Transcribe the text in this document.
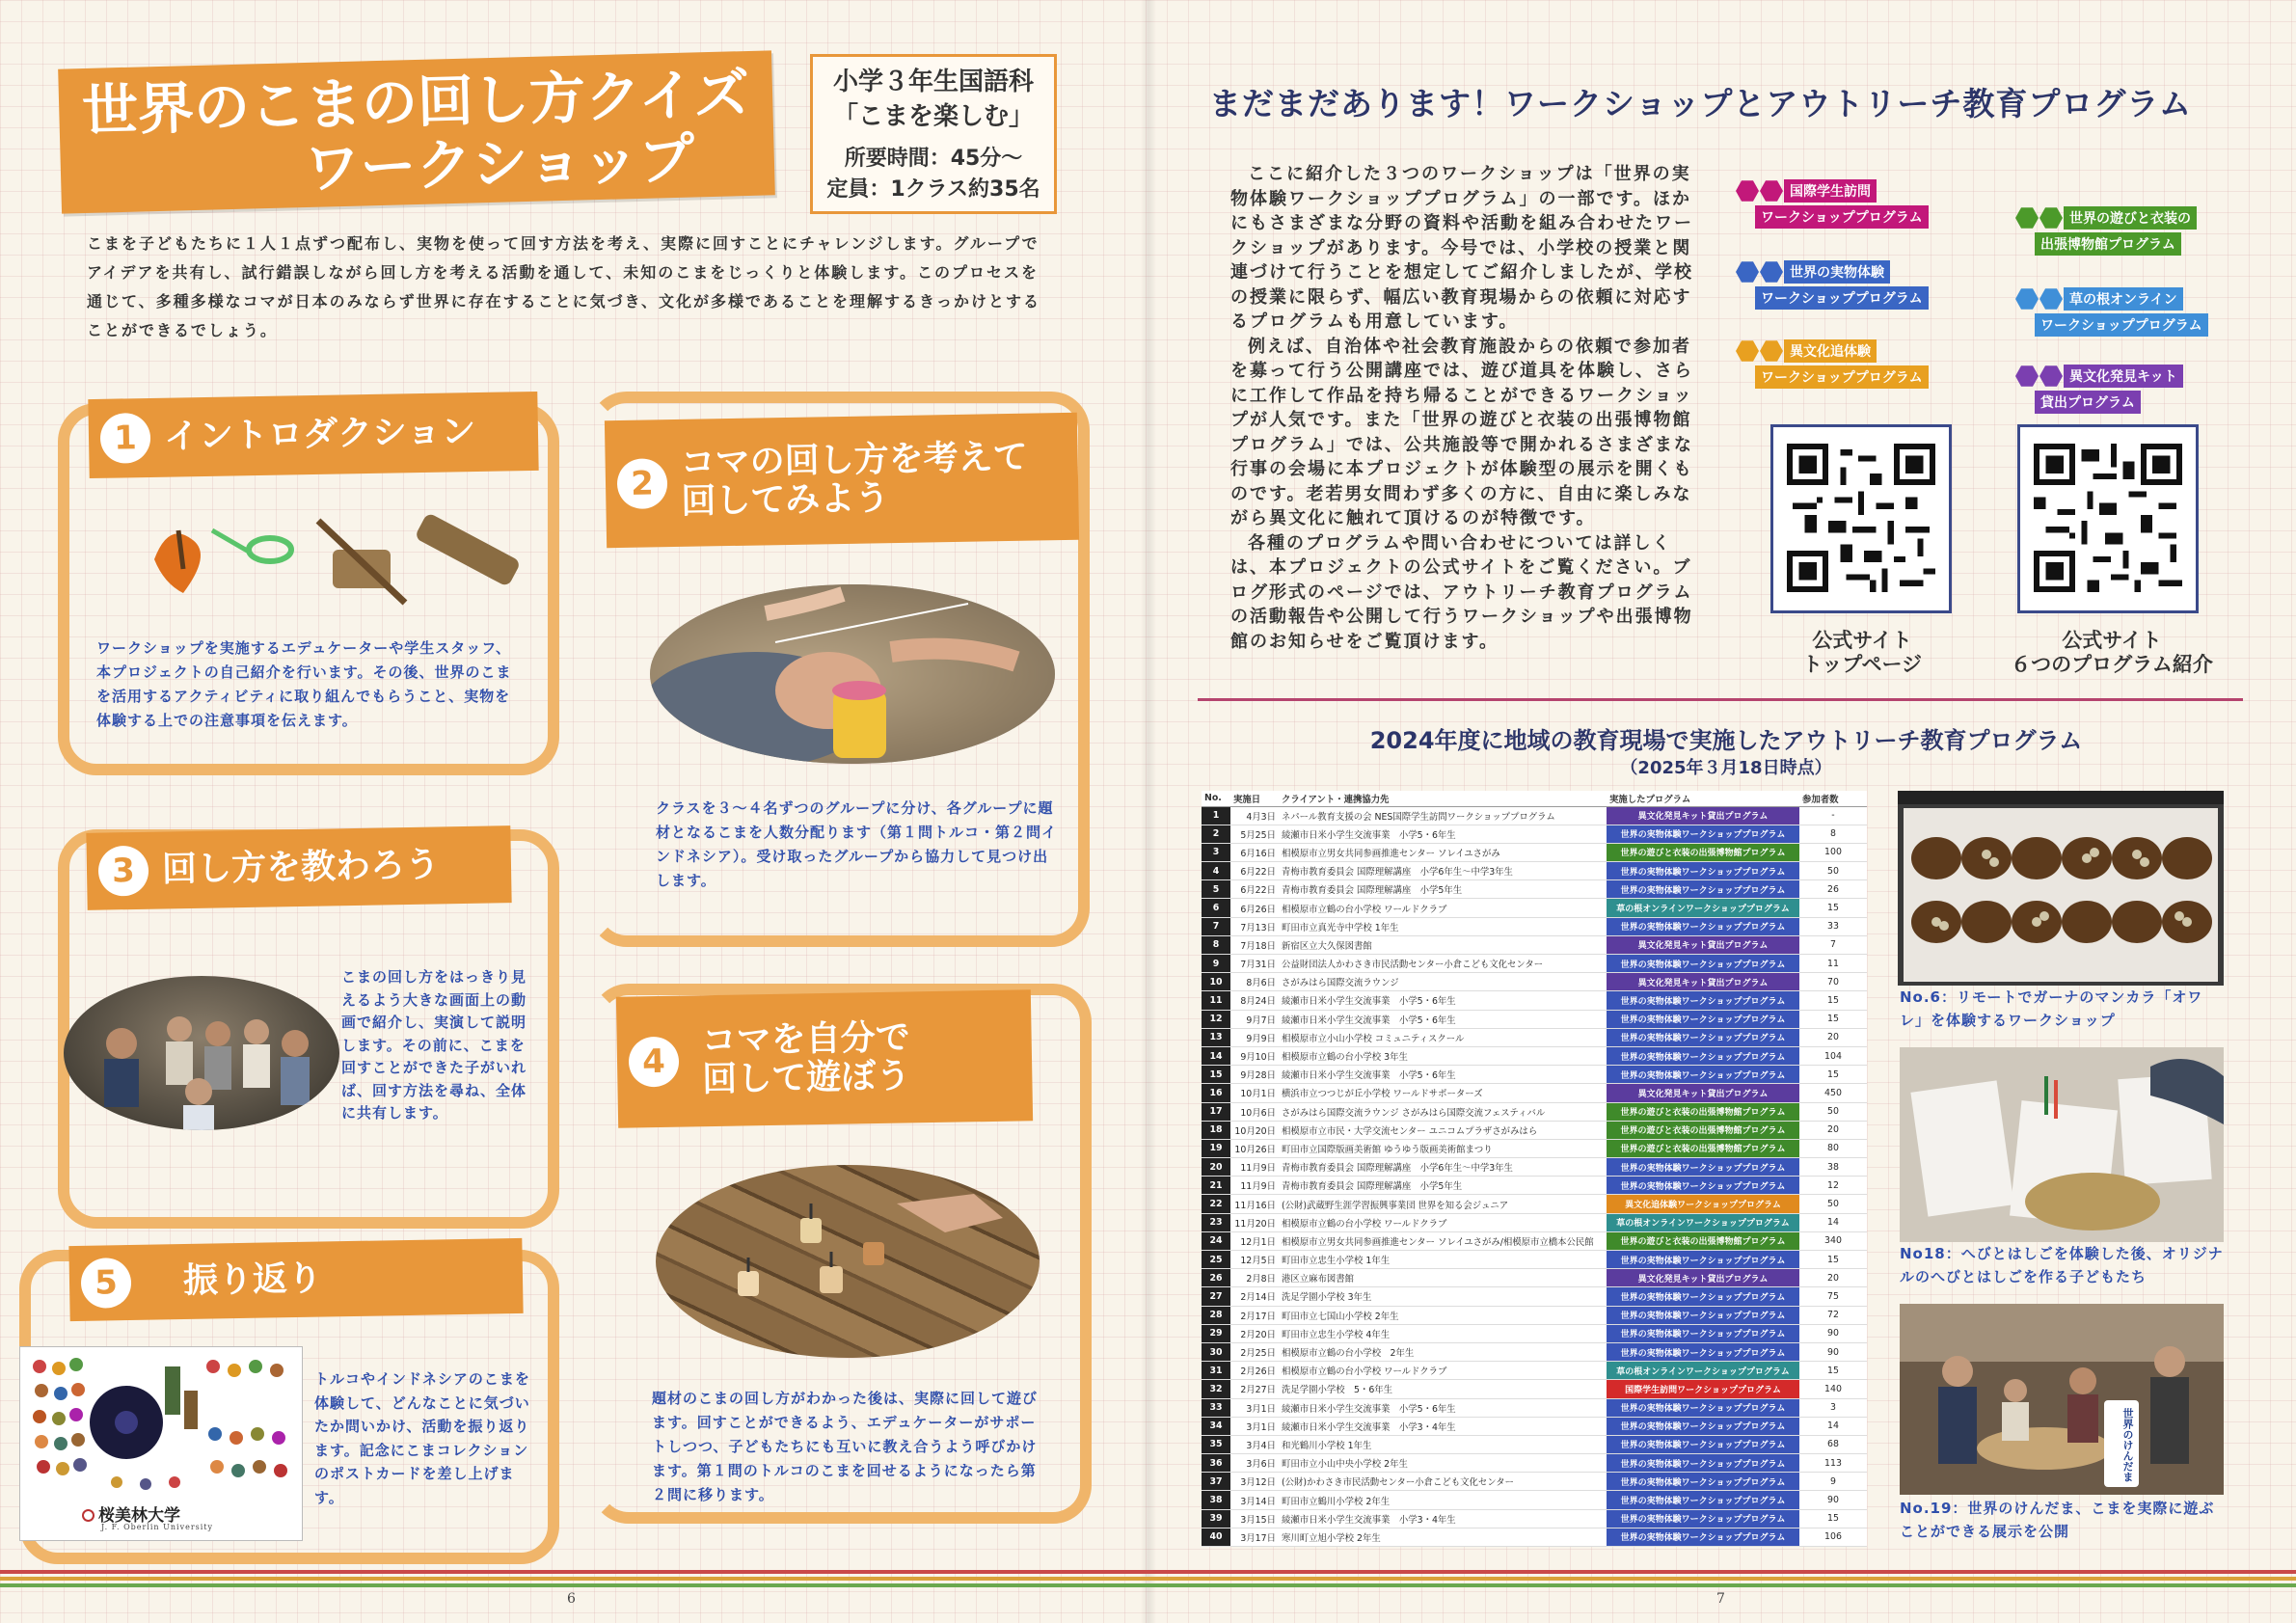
6	7
世界のこまの回し方クイズ
ワークショップ
小学３年生国語科
「こまを楽しむ」
所要時間：45分〜
定員：1クラス約35名
こまを子どもたちに１人１点ずつ配布し、実物を使って回す方法を考え、実際に回すことにチャレンジします。グループでアイデアを共有し、試行錯誤しながら回し方を考える活動を通して、未知のこまをじっくりと体験します。このプロセスを通じて、多種多様なコマが日本のみならず世界に存在することに気づき、文化が多様であることを理解するきっかけとすることができるでしょう。
1 イントロダクション
ワークショップを実施するエデュケーターや学生スタッフ、本プロジェクトの自己紹介を行います。その後、世界のこまを活用するアクティビティに取り組んでもらうこと、実物を体験する上での注意事項を伝えます。
2
コマの回し方を考えて
回してみよう
クラスを３～４名ずつのグループに分け、各グループに題材となるこまを人数分配ります（第１問トルコ・第２問インドネシア）。受け取ったグループから協力して見つけ出します。
3 回し方を教わろう
こまの回し方をはっきり見えるよう大きな画面上の動画で紹介し、実演して説明します。その前に、こまを回すことができた子がいれば、回す方法を尋ね、全体に共有します。
4
コマを自分で
回して遊ぼう
題材のこまの回し方がわかった後は、実際に回して遊びます。回すことができるよう、エデュケーターがサポートしつつ、子どもたちにも互いに教え合うよう呼びかけます。第１問のトルコのこまを回せるようになったら第２問に移ります。
5	振り返り
桜美林大学
J. F. Oberlin University
トルコやインドネシアのこまを体験して、どんなことに気づいたか問いかけ、活動を振り返ります。記念にこまコレクションのポストカードを差し上げます。
まだまだあります！ワークショップとアウトリーチ教育プログラム

ここに紹介した３つのワークショップは「世界の実物体験ワークショッププログラム」の一部です。ほかにもさまざまな分野の資料や活動を組み合わせたワークショップがあります。今号では、小学校の授業と関連づけて行うことを想定してご紹介しましたが、学校の授業に限らず、幅広い教育現場からの依頼に対応するプログラムも用意しています。

例えば、自治体や社会教育施設からの依頼で参加者を募って行う公開講座では、遊び道具を体験し、さらに工作して作品を持ち帰ることができるワークショップが人気です。また「世界の遊びと衣装の出張博物館プログラム」では、公共施設等で開かれるさまざまな行事の会場に本プロジェクトが体験型の展示を開くものです。老若男女問わず多くの方に、自由に楽しみながら異文化に触れて頂けるのが特徴です。

各種のプログラムや問い合わせについては詳しくは、本プロジェクトの公式サイトをご覧ください。ブログ形式のページでは、アウトリーチ教育プログラムの活動報告や公開して行うワークショップや出張博物館のお知らせをご覧頂けます。

国際学生訪問
ワークショッププログラム	世界の遊びと衣装の
出張博物館プログラム
世界の実物体験
ワークショッププログラム	草の根オンライン
ワークショッププログラム
異文化追体験
ワークショッププログラム	異文化発見キット
貸出プログラム
公式サイト
トップページ
公式サイト
６つのプログラム紹介
2024年度に地域の教育現場で実施したアウトリーチ教育プログラム
（2025年３月18日時点）
No.	実施日	クライアント・連携協力先	実施したプログラム	参加者数
1	4月3日	ネパール教育支援の会 NES国際学生訪問ワークショッププログラム	異文化発見キット貸出プログラム	-
2	5月25日	綾瀬市日米小学生交流事業　小学5・6年生	世界の実物体験ワークショッププログラム	8
3	6月16日	相模原市立男女共同参画推進センター ソレイユさがみ	世界の遊びと衣装の出張博物館プログラム	100
4	6月22日	青梅市教育委員会 国際理解講座　小学6年生〜中学3年生	世界の実物体験ワークショッププログラム	50
5	6月22日	青梅市教育委員会 国際理解講座　小学5年生	世界の実物体験ワークショッププログラム	26
6	6月26日	相模原市立鶴の台小学校 ワールドクラブ	草の根オンラインワークショッププログラム	15
7	7月13日	町田市立真光寺中学校 1年生	世界の実物体験ワークショッププログラム	33
8	7月18日	新宿区立大久保図書館	異文化発見キット貸出プログラム	7
9	7月31日	公益財団法人かわさき市民活動センター小倉こども文化センター	世界の実物体験ワークショッププログラム	11
10	8月6日	さがみはら国際交流ラウンジ	異文化発見キット貸出プログラム	70
11	8月24日	綾瀬市日米小学生交流事業　小学5・6年生	世界の実物体験ワークショッププログラム	15
12	9月7日	綾瀬市日米小学生交流事業　小学5・6年生	世界の実物体験ワークショッププログラム	15
13	9月9日	相模原市立小山小学校 コミュニティスクール	世界の実物体験ワークショッププログラム	20
14	9月10日	相模原市立鶴の台小学校 3年生	世界の実物体験ワークショッププログラム	104
15	9月28日	綾瀬市日米小学生交流事業　小学5・6年生	世界の実物体験ワークショッププログラム	15
16	10月1日	横浜市立つつじが丘小学校 ワールドサポーターズ	異文化発見キット貸出プログラム	450
17	10月6日	さがみはら国際交流ラウンジ さがみはら国際交流フェスティバル	世界の遊びと衣装の出張博物館プログラム	50
18	10月20日	相模原市立市民・大学交流センター ユニコムプラザさがみはら	世界の遊びと衣装の出張博物館プログラム	20
19	10月26日	町田市立国際版画美術館 ゆうゆう版画美術館まつり	世界の遊びと衣装の出張博物館プログラム	80
20	11月9日	青梅市教育委員会 国際理解講座　小学6年生〜中学3年生	世界の実物体験ワークショッププログラム	38
21	11月9日	青梅市教育委員会 国際理解講座　小学5年生	世界の実物体験ワークショッププログラム	12
22	11月16日	(公財)武蔵野生涯学習振興事業団 世界を知る会ジュニア	異文化追体験ワークショッププログラム	50
23	11月20日	相模原市立鶴の台小学校 ワールドクラブ	草の根オンラインワークショッププログラム	14
24	12月1日	相模原市立男女共同参画推進センター ソレイユさがみ/相模原市立橋本公民館	世界の遊びと衣装の出張博物館プログラム	340
25	12月5日	町田市立忠生小学校 1年生	世界の実物体験ワークショッププログラム	15
26	2月8日	港区立麻布図書館	異文化発見キット貸出プログラム	20
27	2月14日	洗足学園小学校 3年生	世界の実物体験ワークショッププログラム	75
28	2月17日	町田市立七国山小学校 2年生	世界の実物体験ワークショッププログラム	72
29	2月20日	町田市立忠生小学校 4年生	世界の実物体験ワークショッププログラム	90
30	2月25日	相模原市立鶴の台小学校　2年生	世界の実物体験ワークショッププログラム	90
31	2月26日	相模原市立鶴の台小学校 ワールドクラブ	草の根オンラインワークショッププログラム	15
32	2月27日	洗足学園小学校　5・6年生	国際学生訪問ワークショッププログラム	140
33	3月1日	綾瀬市日米小学生交流事業　小学5・6年生	世界の実物体験ワークショッププログラム	3
34	3月1日	綾瀬市日米小学生交流事業　小学3・4年生	世界の実物体験ワークショッププログラム	14
35	3月4日	和光鶴川小学校 1年生	世界の実物体験ワークショッププログラム	68
36	3月6日	町田市立小山中央小学校 2年生	世界の実物体験ワークショッププログラム	113
37	3月12日	(公財)かわさき市民活動センター小倉こども文化センター	世界の実物体験ワークショッププログラム	9
38	3月14日	町田市立鶴川小学校 2年生	世界の実物体験ワークショッププログラム	90
39	3月15日	綾瀬市日米小学生交流事業　小学3・4年生	世界の実物体験ワークショッププログラム	15
40	3月17日	寒川町立旭小学校 2年生	世界の実物体験ワークショッププログラム	106
No.6：リモートでガーナのマンカラ「オワレ」を体験するワークショップ
No18：へびとはしごを体験した後、オリジナルのへびとはしごを作る子どもたち
世界のけんだま
No.19：世界のけんだま、こまを実際に遊ぶことができる展示を公開
